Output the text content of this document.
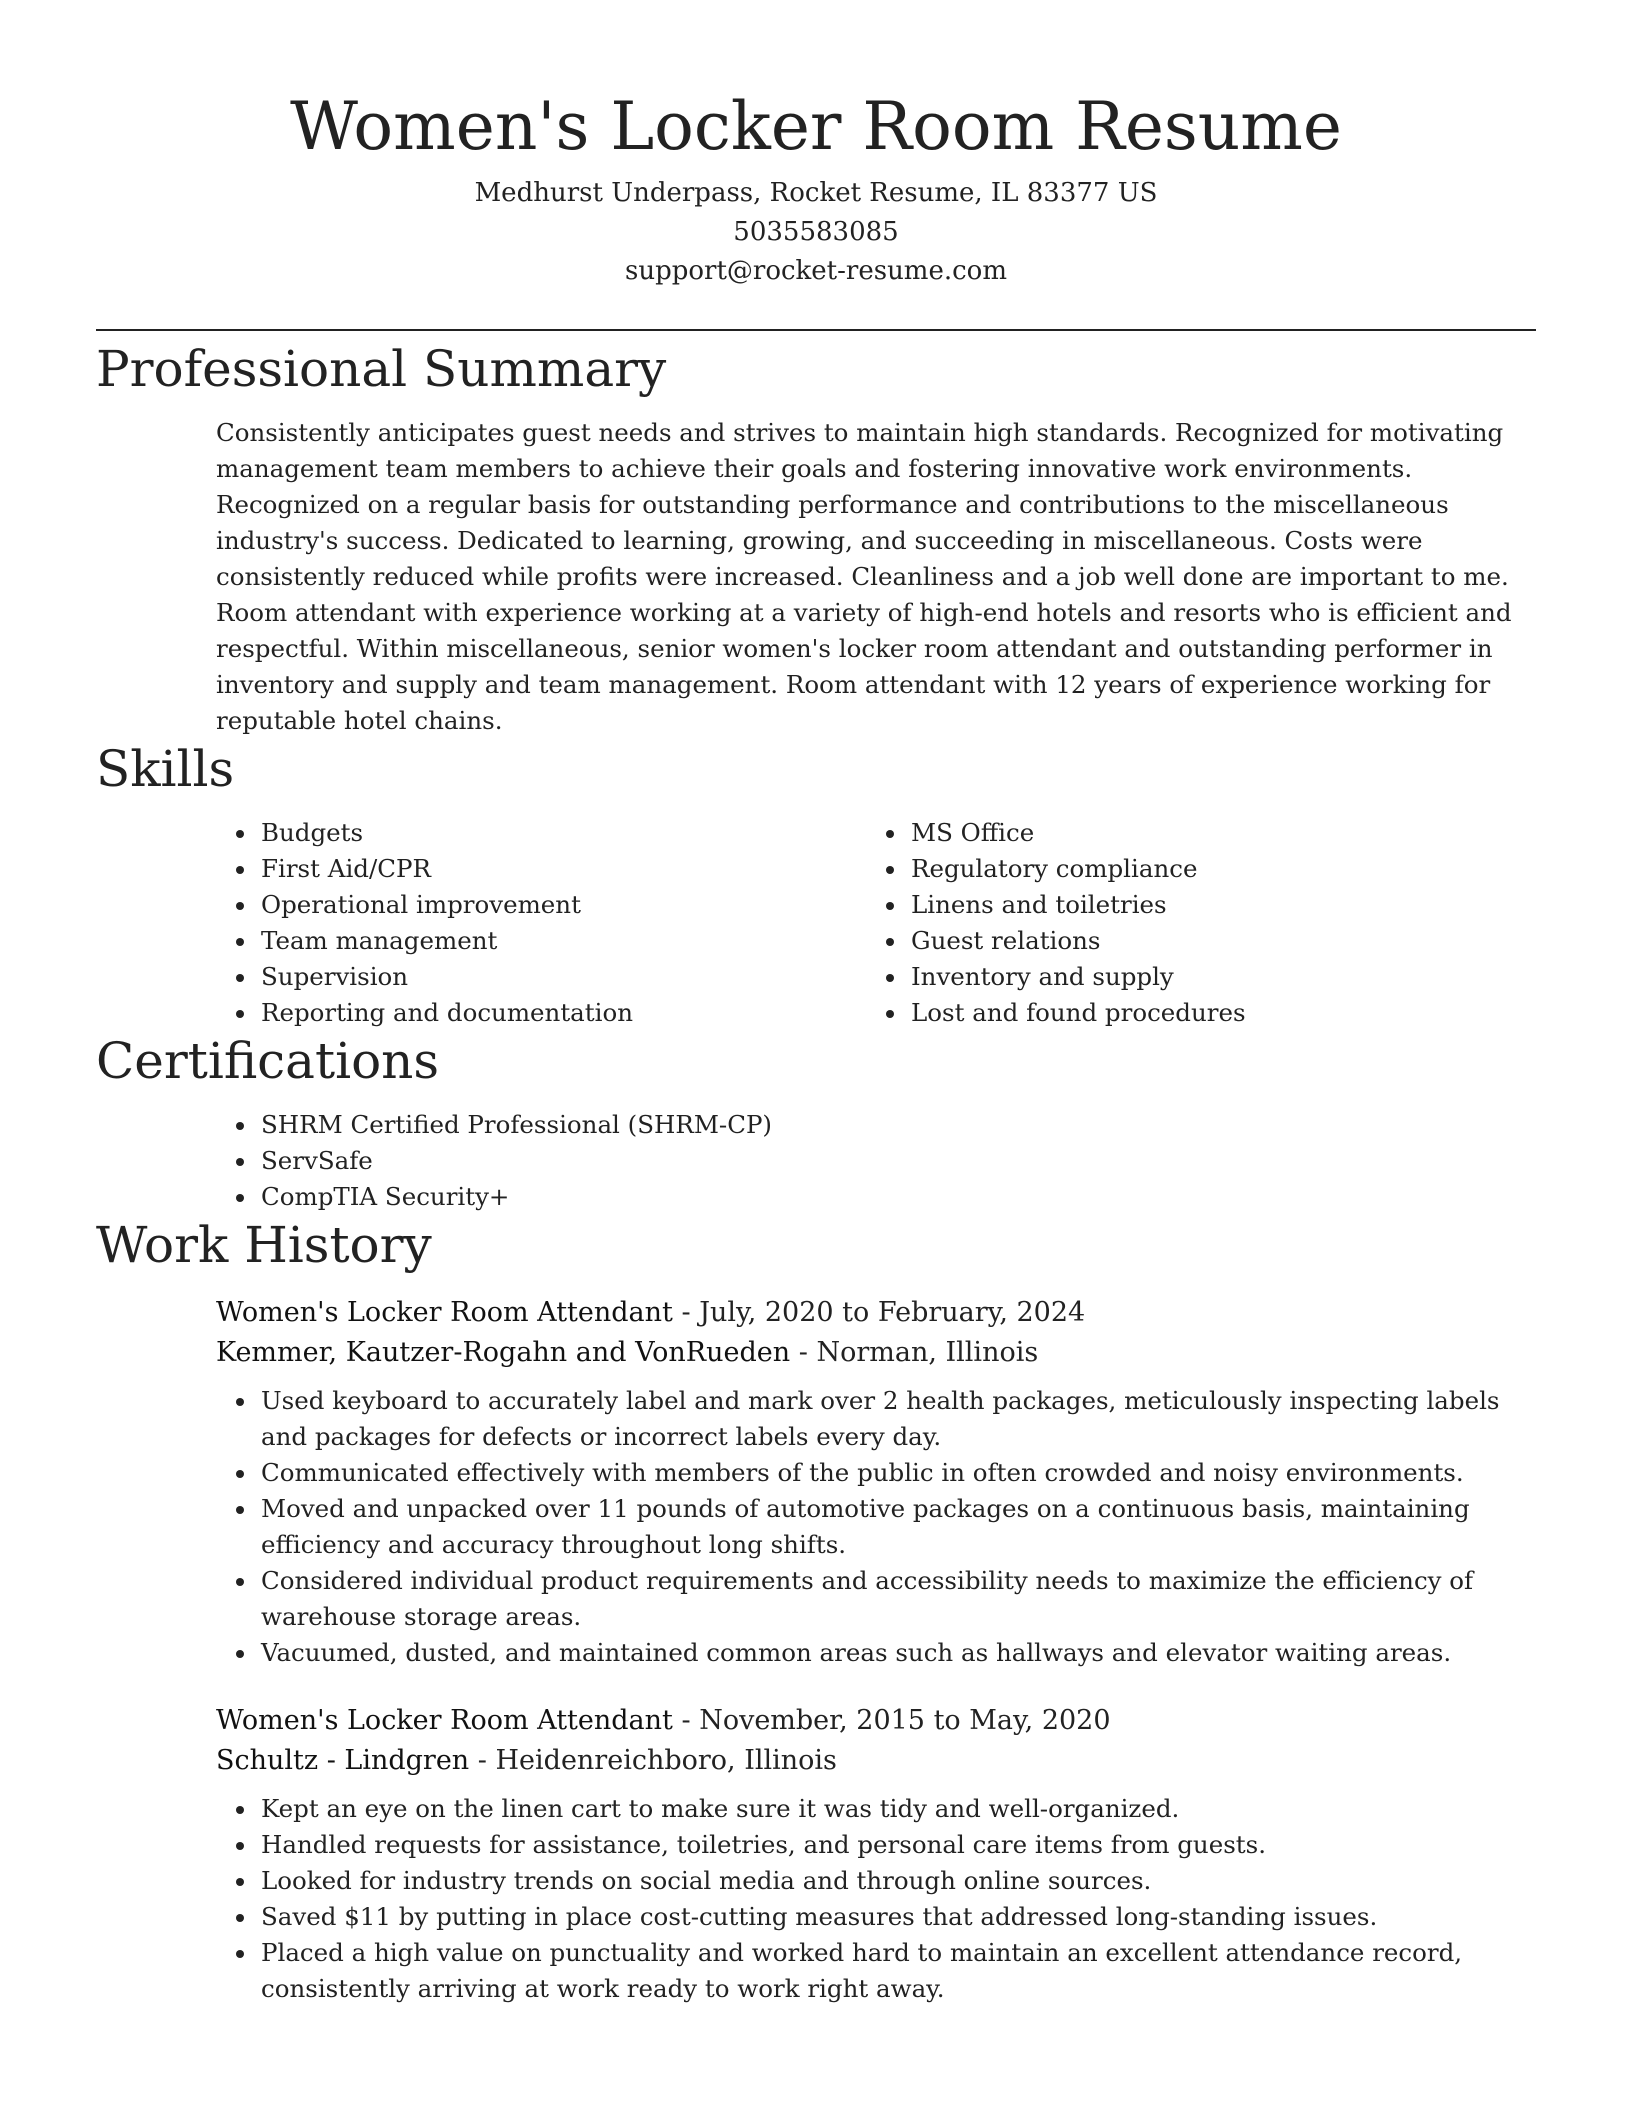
Women's Locker Room Resume
Medhurst Underpass, Rocket Resume, IL 83377 US
5035583085
support@rocket-resume.com
Professional Summary

Consistently anticipates guest needs and strives to maintain high standards. Recognized for motivating management team members to achieve their goals and fostering innovative work environments. Recognized on a regular basis for outstanding performance and contributions to the miscellaneous industry's success. Dedicated to learning, growing, and succeeding in miscellaneous. Costs were consistently reduced while profits were increased. Cleanliness and a job well done are important to me. Room attendant with experience working at a variety of high-end hotels and resorts who is efficient and respectful. Within miscellaneous, senior women's locker room attendant and outstanding performer in inventory and supply and team management. Room attendant with 12 years of experience working for reputable hotel chains.

Skills
Budgets
First Aid/CPR
Operational improvement
Team management
Supervision
Reporting and documentation
MS Office
Regulatory compliance
Linens and toiletries
Guest relations
Inventory and supply
Lost and found procedures
Certifications
SHRM Certified Professional (SHRM-CP)
ServSafe
CompTIA Security+
Work History
Women's Locker Room Attendant - July, 2020 to February, 2024
Kemmer, Kautzer-Rogahn and VonRueden - Norman, Illinois
Used keyboard to accurately label and mark over 2 health packages, meticulously inspecting labels and packages for defects or incorrect labels every day.
Communicated effectively with members of the public in often crowded and noisy environments.
Moved and unpacked over 11 pounds of automotive packages on a continuous basis, maintaining efficiency and accuracy throughout long shifts.
Considered individual product requirements and accessibility needs to maximize the efficiency of warehouse storage areas.
Vacuumed, dusted, and maintained common areas such as hallways and elevator waiting areas.
Women's Locker Room Attendant - November, 2015 to May, 2020
Schultz - Lindgren - Heidenreichboro, Illinois
Kept an eye on the linen cart to make sure it was tidy and well-organized.
Handled requests for assistance, toiletries, and personal care items from guests.
Looked for industry trends on social media and through online sources.
Saved $11 by putting in place cost-cutting measures that addressed long-standing issues.
Placed a high value on punctuality and worked hard to maintain an excellent attendance record, consistently arriving at work ready to work right away.
